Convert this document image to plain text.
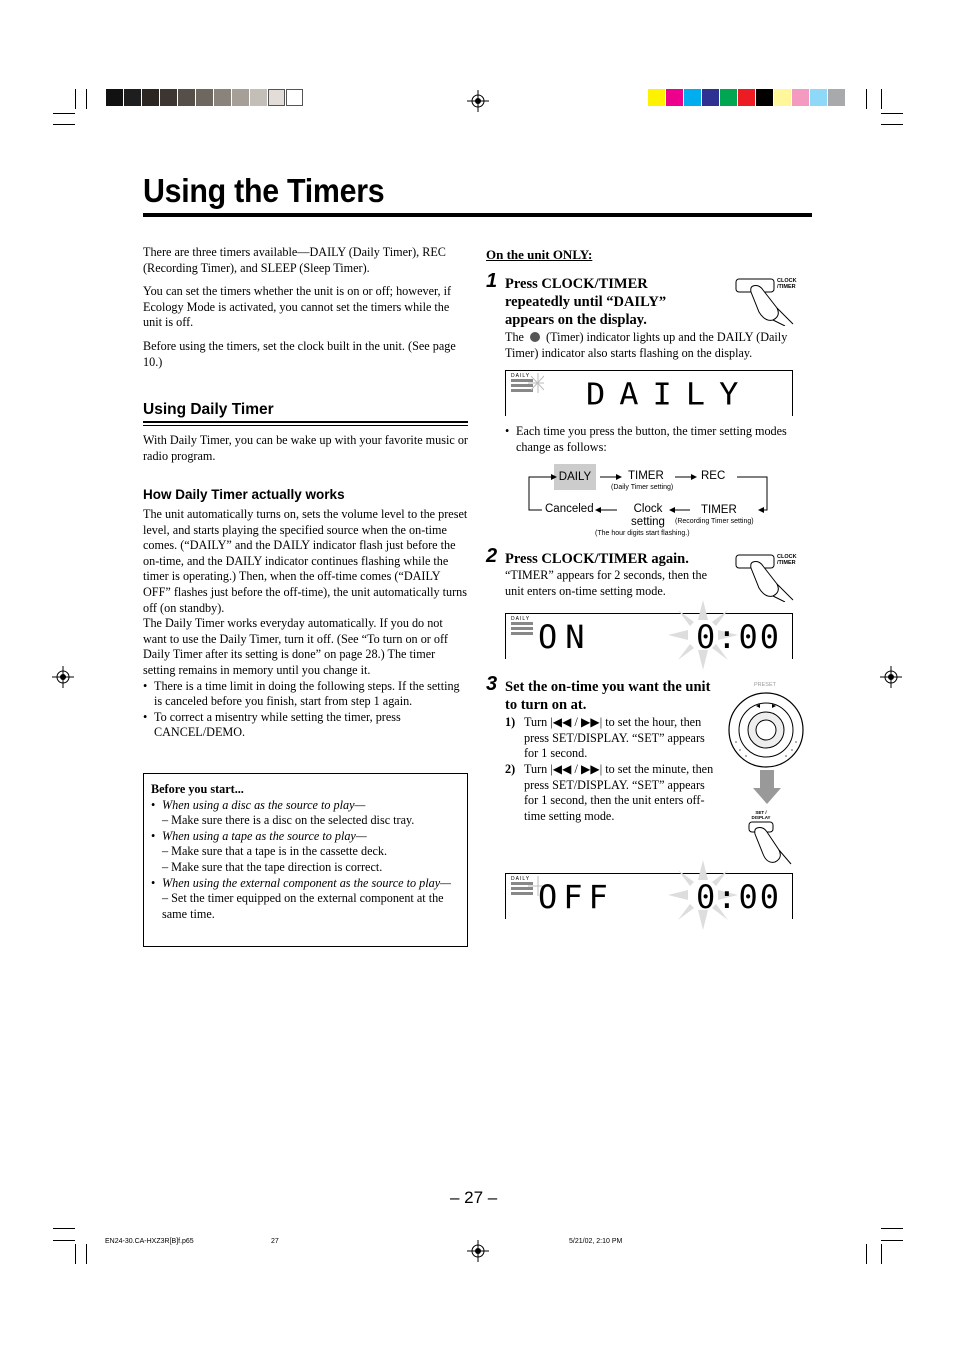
Using the Timers

There are three timers available—DAILY (Daily Timer), REC (Recording Timer), and SLEEP (Sleep Timer).

You can set the timers whether the unit is on or off; however, if Ecology Mode is activated, you cannot set the timers while the unit is off.

Before using the timers, set the clock built in the unit. (See page 10.)

Using Daily Timer

With Daily Timer, you can be wake up with your favorite music or radio program.

How Daily Timer actually works

The unit automatically turns on, sets the volume level to the preset level, and starts playing the specified source when the on-time comes. (“DAILY” and the DAILY indicator flash just before the on-time, and the DAILY indicator continues flashing while the timer is operating.) Then, when the off-time comes (“DAILY OFF” flashes just before the off-time), the unit automatically turns off (on standby).

The Daily Timer works everyday automatically. If you do not want to use the Daily Timer, turn it off. (See “To turn on or off Daily Timer after its setting is done” on page 28.) The timer setting remains in memory until you change it.

• There is a time limit in doing the following steps. If the setting is canceled before you finish, start from step 1 again.
• To correct a misentry while setting the timer, press CANCEL/DEMO.
Before you start...
• When using a disc as the source to play—
– Make sure there is a disc on the selected disc tray.
• When using a tape as the source to play—
– Make sure that a tape is in the cassette deck.
– Make sure that the tape direction is correct.
• When using the external component as the source to play—
– Set the timer equipped on the external component at the same time.
On the unit ONLY:
1 Press CLOCK/TIMER repeatedly until “DAILY” appears on the display.
The (Timer) indicator lights up and the DAILY (Daily Timer) indicator also starts flashing on the display.
CLOCK /TIMER
DAILY DAILY
• Each time you press the button, the timer setting modes change as follows:
DAILY	TIMER
(Daily Timer setting)
REC
Canceled	Clock setting
(The hour digits start flashing.)
TIMER
(Recording Timer setting)
2 Press CLOCK/TIMER again.
“TIMER” appears for 2 seconds, then the unit enters on-time setting mode.
CLOCK /TIMER
DAILY ON	0:00
3 Set the on-time you want the unit to turn on at.
1) Turn |◀◀ / ▶▶| to set the hour, then press SET/DISPLAY. “SET” appears for 1 second.
2) Turn |◀◀ / ▶▶| to set the minute, then press SET/DISPLAY. “SET” appears for 1 second, then the unit enters off-time setting mode.
PRESET
SET / DISPLAY
DAILY OFF	0:00
– 27 –
EN24-30.CA-HXZ3R[B]f.p65	27	5/21/02, 2:10 PM
